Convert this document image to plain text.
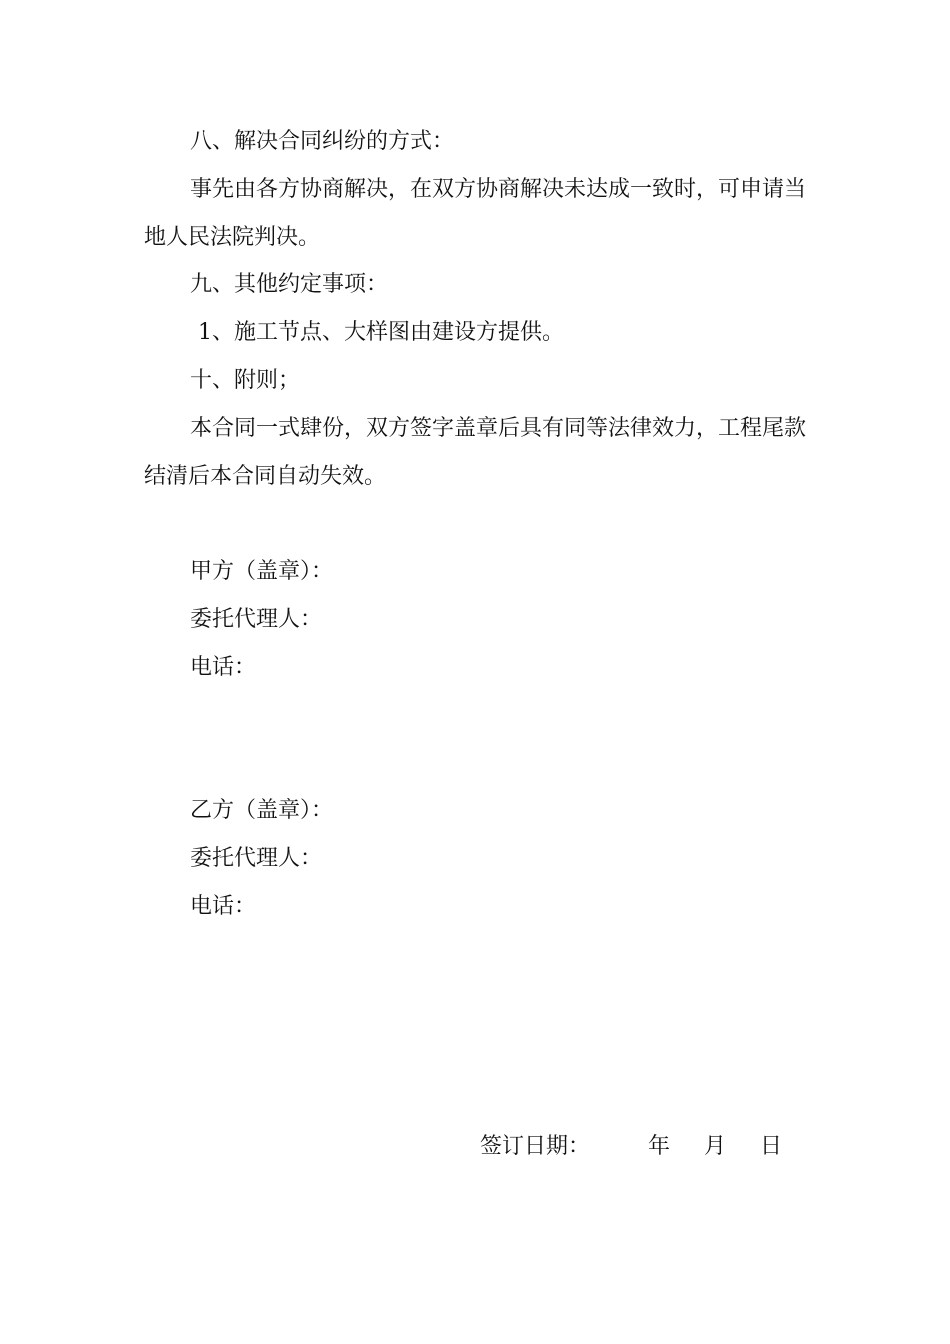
八、解决合同纠纷的方式：
事先由各方协商解决，在双方协商解决未达成一致时，可申请当
地人民法院判决。
九、其他约定事项：
1、施工节点、大样图由建设方提供。
十、附则；
本合同一式肆份，双方签字盖章后具有同等法律效力，工程尾款
结清后本合同自动失效。
甲方（盖章）：
委托代理人：
电话：
乙方（盖章）：
委托代理人：
电话：
签订日期：	年 月 日
